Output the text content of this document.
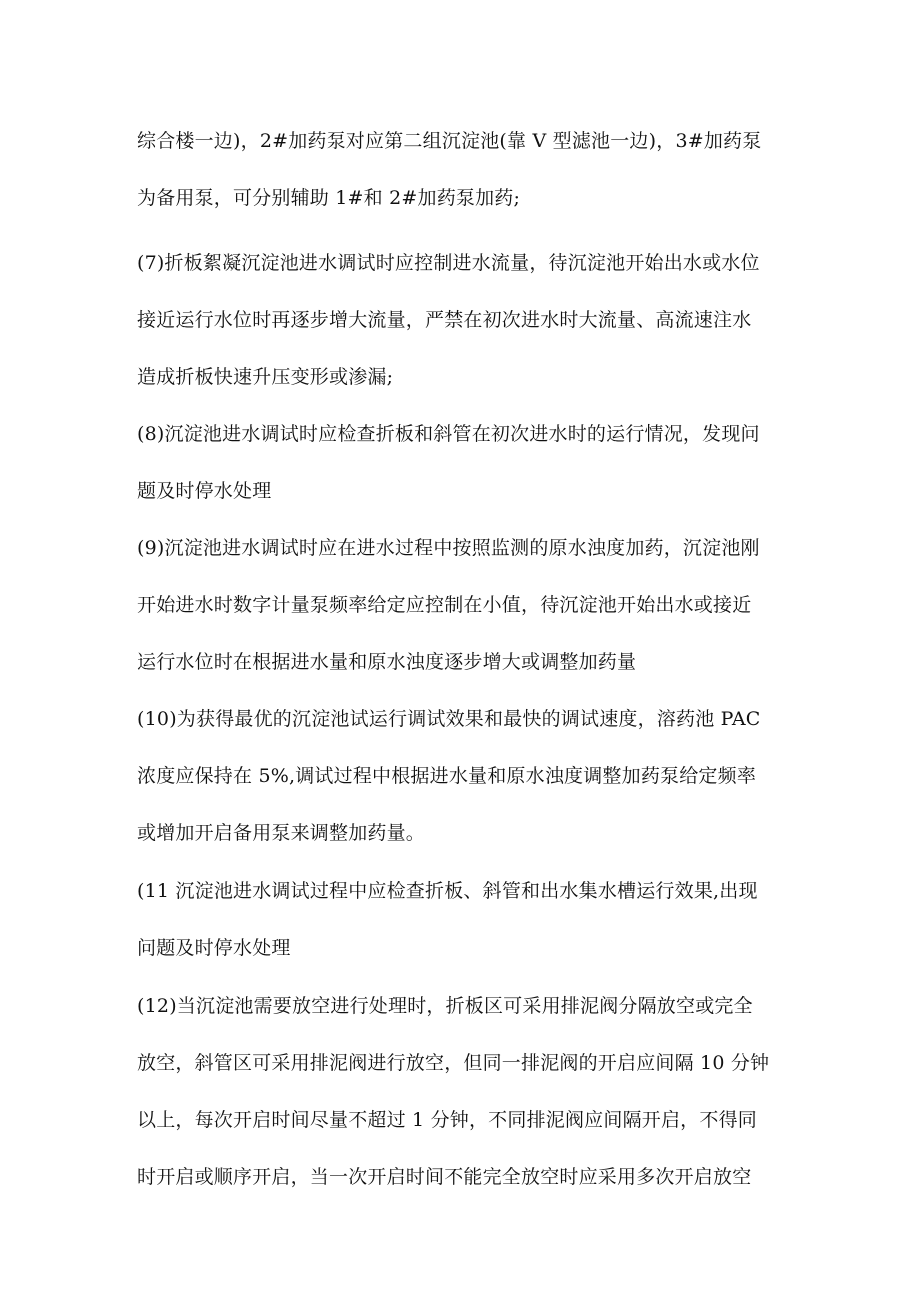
综合楼一边)，2#加药泵对应第二组沉淀池(靠 V 型滤池一边)，3#加药泵
为备用泵，可分别辅助 1#和 2#加药泵加药;
(7)折板絮凝沉淀池进水调试时应控制进水流量，待沉淀池开始出水或水位
接近运行水位时再逐步增大流量，严禁在初次进水时大流量、高流速注水
造成折板快速升压变形或渗漏;
(8)沉淀池进水调试时应检查折板和斜管在初次进水时的运行情况，发现问
题及时停水处理
(9)沉淀池进水调试时应在进水过程中按照监测的原水浊度加药，沉淀池刚
开始进水时数字计量泵频率给定应控制在小值，待沉淀池开始出水或接近
运行水位时在根据进水量和原水浊度逐步增大或调整加药量
(10)为获得最优的沉淀池试运行调试效果和最快的调试速度，溶药池 PAC
浓度应保持在 5%,调试过程中根据进水量和原水浊度调整加药泵给定频率
或增加开启备用泵来调整加药量。
(11 沉淀池进水调试过程中应检查折板、斜管和出水集水槽运行效果,出现
问题及时停水处理
(12)当沉淀池需要放空进行处理时，折板区可采用排泥阀分隔放空或完全
放空，斜管区可采用排泥阀进行放空，但同一排泥阀的开启应间隔 10 分钟
以上，每次开启时间尽量不超过 1 分钟，不同排泥阀应间隔开启，不得同
时开启或顺序开启，当一次开启时间不能完全放空时应采用多次开启放空
